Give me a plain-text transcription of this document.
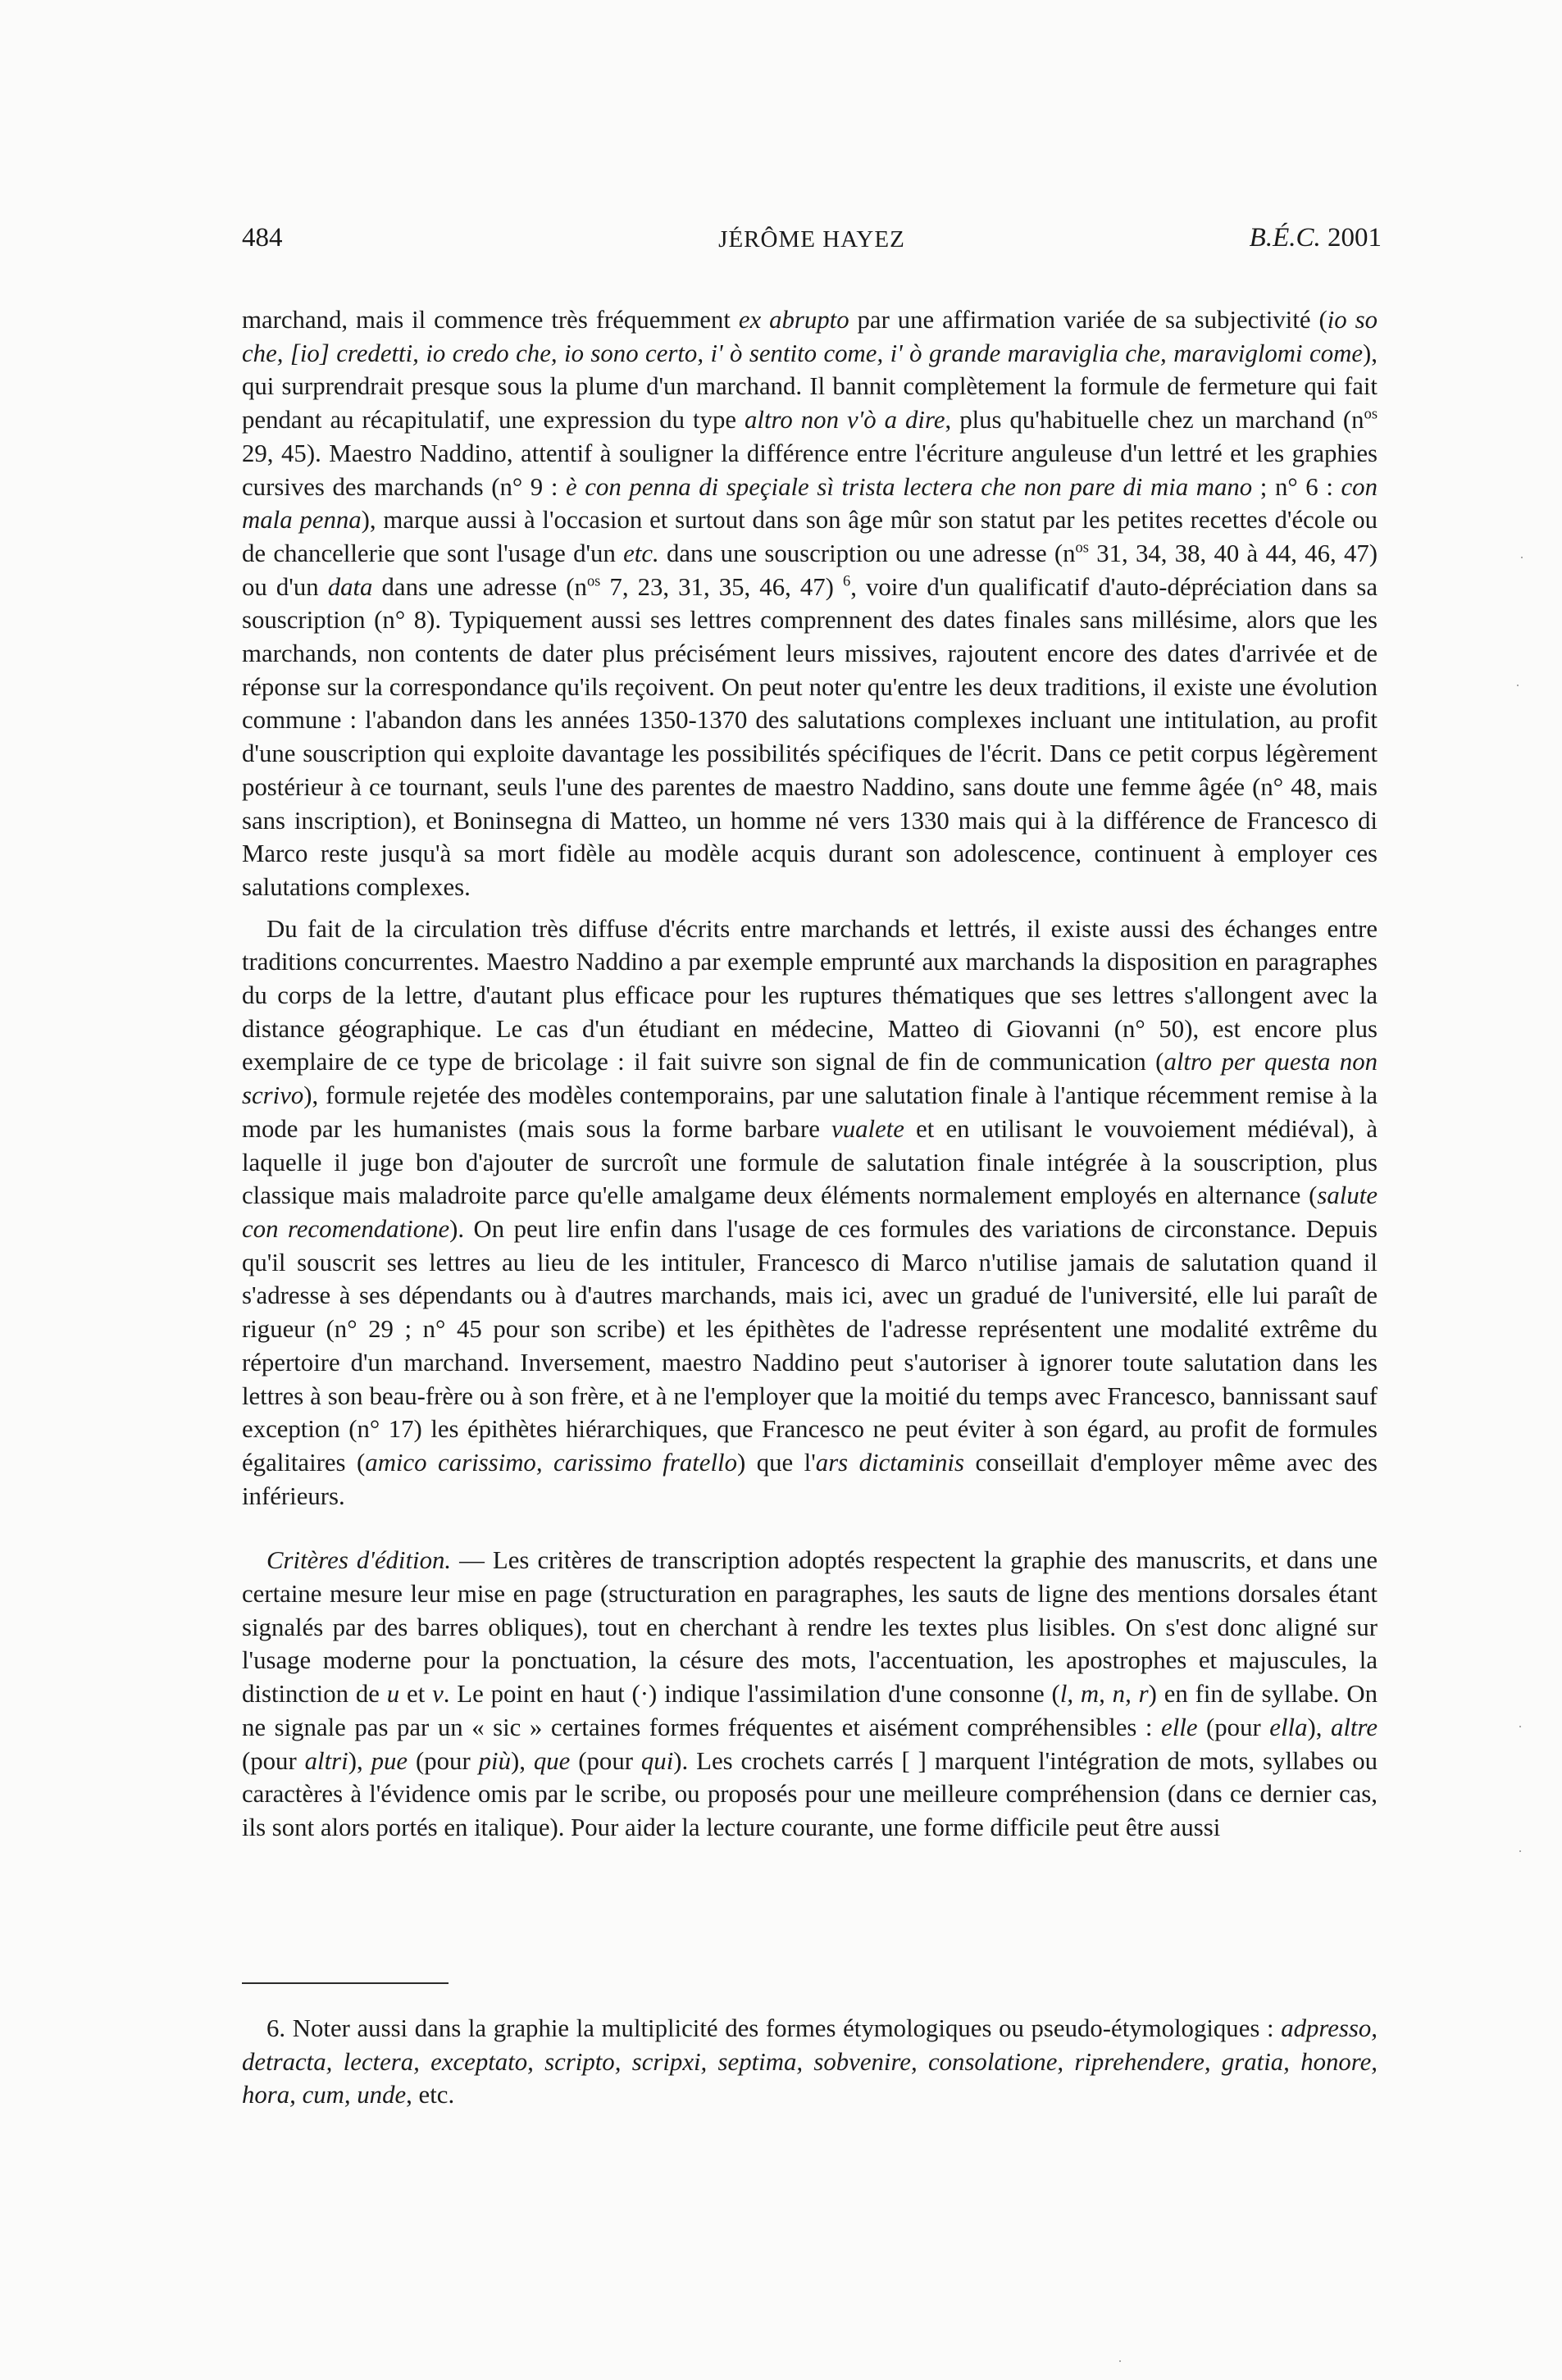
484	JÉRÔME HAYEZ	B.É.C. 2001

marchand, mais il commence très fréquemment ex abrupto par une affirmation variée de sa subjectivité (io so che, [io] credetti, io credo che, io sono certo, i' ò sentito come, i' ò grande maraviglia che, maraviglomi come), qui surprendrait presque sous la plume d'un marchand. Il bannit complètement la formule de fermeture qui fait pendant au récapitulatif, une expression du type altro non v'ò a dire, plus qu'habituelle chez un marchand ($n^{os}$ 29, 45). Maestro Naddino, attentif à souligner la différence entre l'écriture anguleuse d'un lettré et les graphies cursives des marchands (n° 9 : è con penna di speçiale sì trista lectera che non pare di mia mano ; n° 6 : con mala penna), marque aussi à l'occasion et surtout dans son âge mûr son statut par les petites recettes d'école ou de chancellerie que sont l'usage d'un etc. dans une souscription ou une adresse ($n^{os}$ 31, 34, 38, 40 à 44, 46, 47) ou d'un data dans une adresse ($n^{os}$ 7, 23, 31, 35, 46, 47) $^6$, voire d'un qualificatif d'auto-dépréciation dans sa souscription (n° 8). Typiquement aussi ses lettres comprennent des dates finales sans millésime, alors que les marchands, non contents de dater plus précisément leurs missives, rajoutent encore des dates d'arrivée et de réponse sur la correspondance qu'ils reçoivent. On peut noter qu'entre les deux traditions, il existe une évolution commune : l'abandon dans les années 1350-1370 des salutations complexes incluant une intitulation, au profit d'une souscription qui exploite davantage les possibilités spécifiques de l'écrit. Dans ce petit corpus légèrement postérieur à ce tournant, seuls l'une des parentes de maestro Naddino, sans doute une femme âgée (n° 48, mais sans inscription), et Boninsegna di Matteo, un homme né vers 1330 mais qui à la différence de Francesco di Marco reste jusqu'à sa mort fidèle au modèle acquis durant son adolescence, continuent à employer ces salutations complexes.

Du fait de la circulation très diffuse d'écrits entre marchands et lettrés, il existe aussi des échanges entre traditions concurrentes. Maestro Naddino a par exemple emprunté aux marchands la disposition en paragraphes du corps de la lettre, d'autant plus efficace pour les ruptures thématiques que ses lettres s'allongent avec la distance géographique. Le cas d'un étudiant en médecine, Matteo di Giovanni (n° 50), est encore plus exemplaire de ce type de bricolage : il fait suivre son signal de fin de communication (altro per questa non scrivo), formule rejetée des modèles contemporains, par une salutation finale à l'antique récemment remise à la mode par les humanistes (mais sous la forme barbare vualete et en utilisant le vouvoiement médiéval), à laquelle il juge bon d'ajouter de surcroît une formule de salutation finale intégrée à la souscription, plus classique mais maladroite parce qu'elle amalgame deux éléments normalement employés en alternance (salute con recomendatione). On peut lire enfin dans l'usage de ces formules des variations de circonstance. Depuis qu'il souscrit ses lettres au lieu de les intituler, Francesco di Marco n'utilise jamais de salutation quand il s'adresse à ses dépendants ou à d'autres marchands, mais ici, avec un gradué de l'université, elle lui paraît de rigueur (n° 29 ; n° 45 pour son scribe) et les épithètes de l'adresse représentent une modalité extrême du répertoire d'un marchand. Inversement, maestro Naddino peut s'autoriser à ignorer toute salutation dans les lettres à son beau-frère ou à son frère, et à ne l'employer que la moitié du temps avec Francesco, bannissant sauf exception (n° 17) les épithètes hiérarchiques, que Francesco ne peut éviter à son égard, au profit de formules égalitaires (amico carissimo, carissimo fratello) que l'ars dictaminis conseillait d'employer même avec des inférieurs.

Critères d'édition. — Les critères de transcription adoptés respectent la graphie des manuscrits, et dans une certaine mesure leur mise en page (structuration en paragraphes, les sauts de ligne des mentions dorsales étant signalés par des barres obliques), tout en cherchant à rendre les textes plus lisibles. On s'est donc aligné sur l'usage moderne pour la ponctuation, la césure des mots, l'accentuation, les apostrophes et majuscules, la distinction de u et v. Le point en haut (·) indique l'assimilation d'une consonne (l, m, n, r) en fin de syllabe. On ne signale pas par un « sic » certaines formes fréquentes et aisément compréhensibles : elle (pour ella), altre (pour altri), pue (pour più), que (pour qui). Les crochets carrés [ ] marquent l'intégration de mots, syllabes ou caractères à l'évidence omis par le scribe, ou proposés pour une meilleure compréhension (dans ce dernier cas, ils sont alors portés en italique). Pour aider la lecture courante, une forme difficile peut être aussi

6. Noter aussi dans la graphie la multiplicité des formes étymologiques ou pseudo-étymologiques : adpresso, detracta, lectera, exceptato, scripto, scripxi, septima, sobvenire, consolatione, riprehendere, gratia, honore, hora, cum, unde, etc.

·
·
·
·
·
